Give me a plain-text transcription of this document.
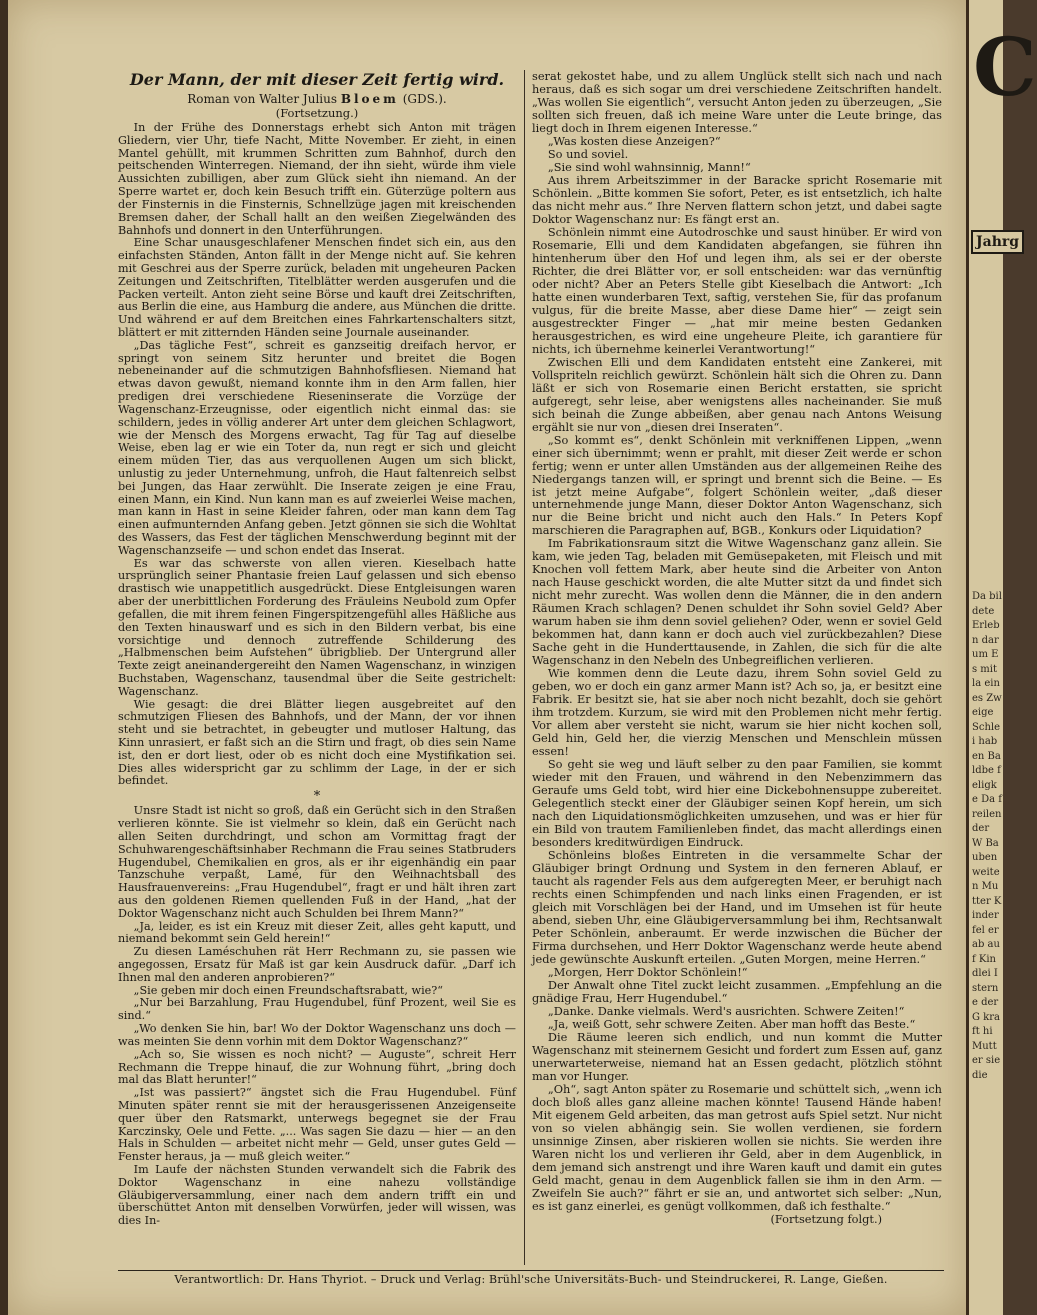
Der Mann, der mit dieser Zeit fertig wird.
Roman von Walter Julius Bloem (GDS.).
(Fortsetzung.)

In der Frühe des Donnerstags erhebt sich Anton mit trägen Gliedern, vier Uhr, tiefe Nacht, Mitte November. Er zieht, in einen Mantel gehüllt, mit krummen Schritten zum Bahnhof, durch den peitschenden Winterregen. Niemand, der ihn sieht, würde ihm viele Aussichten zubilligen, aber zum Glück sieht ihn niemand. An der Sperre wartet er, doch kein Besuch trifft ein. Güterzüge poltern aus der Finsternis in die Finsternis, Schnellzüge jagen mit kreischenden Bremsen daher, der Schall hallt an den weißen Ziegelwänden des Bahnhofs und donnert in den Unterführungen.

Eine Schar unausgeschlafener Menschen findet sich ein, aus den einfachsten Ständen, Anton fällt in der Menge nicht auf. Sie kehren mit Geschrei aus der Sperre zurück, beladen mit ungeheuren Packen Zeitungen und Zeitschriften, Titelblätter werden ausgerufen und die Packen verteilt. Anton zieht seine Börse und kauft drei Zeitschriften, aus Berlin die eine, aus Hamburg die andere, aus München die dritte. Und während er auf dem Breitchen eines Fahrkartenschalters sitzt, blättert er mit zitternden Händen seine Journale auseinander.

„Das tägliche Fest“, schreit es ganzseitig dreifach hervor, er springt von seinem Sitz herunter und breitet die Bogen nebeneinander auf die schmutzigen Bahnhofsfliesen. Niemand hat etwas davon gewußt, niemand konnte ihm in den Arm fallen, hier predigen drei verschiedene Rieseninserate die Vorzüge der Wagenschanz-Erzeugnisse, oder eigentlich nicht einmal das: sie schildern, jedes in völlig anderer Art unter dem gleichen Schlagwort, wie der Mensch des Morgens erwacht, Tag für Tag auf dieselbe Weise, eben lag er wie ein Toter da, nun regt er sich und gleicht einem müden Tier, das aus verquollenen Augen um sich blickt, unlustig zu jeder Unternehmung, unfroh, die Haut faltenreich selbst bei Jungen, das Haar zerwühlt. Die Inserate zeigen je eine Frau, einen Mann, ein Kind. Nun kann man es auf zweierlei Weise machen, man kann in Hast in seine Kleider fahren, oder man kann dem Tag einen aufmunternden Anfang geben. Jetzt gönnen sie sich die Wohltat des Wassers, das Fest der täglichen Menschwerdung beginnt mit der Wagenschanzseife — und schon endet das Inserat.

Es war das schwerste von allen vieren. Kieselbach hatte ursprünglich seiner Phantasie freien Lauf gelassen und sich ebenso drastisch wie unappetitlich ausgedrückt. Diese Entgleisungen waren aber der unerbittlichen Forderung des Fräuleins Neubold zum Opfer gefallen, die mit ihrem feinen Fingerspitzengefühl alles Häßliche aus den Texten hinauswarf und es sich in den Bildern verbat, bis eine vorsichtige und dennoch zutreffende Schilderung des „Halbmenschen beim Aufstehen“ übrigblieb. Der Untergrund aller Texte zeigt aneinandergereiht den Namen Wagenschanz, in winzigen Buchstaben, Wagenschanz, tausendmal über die Seite gestrichelt: Wagenschanz.

Wie gesagt: die drei Blätter liegen ausgebreitet auf den schmutzigen Fliesen des Bahnhofs, und der Mann, der vor ihnen steht und sie betrachtet, in gebeugter und mutloser Haltung, das Kinn unrasiert, er faßt sich an die Stirn und fragt, ob dies sein Name ist, den er dort liest, oder ob es nicht doch eine Mystifikation sei. Dies alles widerspricht gar zu schlimm der Lage, in der er sich befindet.

*

Unsre Stadt ist nicht so groß, daß ein Gerücht sich in den Straßen verlieren könnte. Sie ist vielmehr so klein, daß ein Gerücht nach allen Seiten durchdringt, und schon am Vormittag fragt der Schuhwarengeschäftsinhaber Rechmann die Frau seines Statbruders Hugendubel, Chemikalien en gros, als er ihr eigenhändig ein paar Tanzschuhe verpaßt, Lamé, für den Weihnachtsball des Hausfrauenvereins: „Frau Hugendubel“, fragt er und hält ihren zart aus den goldenen Riemen quellenden Fuß in der Hand, „hat der Doktor Wagenschanz nicht auch Schulden bei Ihrem Mann?“

„Ja, leider, es ist ein Kreuz mit dieser Zeit, alles geht kaputt, und niemand bekommt sein Geld herein!“

Zu diesen Laméschuhen rät Herr Rechmann zu, sie passen wie angegossen, Ersatz für Maß ist gar kein Ausdruck dafür. „Darf ich Ihnen mal den anderen anprobieren?“

„Sie geben mir doch einen Freundschaftsrabatt, wie?“

„Nur bei Barzahlung, Frau Hugendubel, fünf Prozent, weil Sie es sind.“

„Wo denken Sie hin, bar! Wo der Doktor Wagenschanz uns doch — was meinten Sie denn vorhin mit dem Doktor Wagenschanz?“

„Ach so, Sie wissen es noch nicht? — Auguste“, schreit Herr Rechmann die Treppe hinauf, die zur Wohnung führt, „bring doch mal das Blatt herunter!“

„Ist was passiert?“ ängstet sich die Frau Hugendubel. Fünf Minuten später rennt sie mit der herausgerissenen Anzeigenseite quer über den Ratsmarkt, unterwegs begegnet sie der Frau Karczinsky, Oele und Fette. „... Was sagen Sie dazu — hier — an den Hals in Schulden — arbeitet nicht mehr — Geld, unser gutes Geld — Fenster heraus, ja — muß gleich weiter.“

Im Laufe der nächsten Stunden verwandelt sich die Fabrik des Doktor Wagenschanz in eine nahezu vollständige Gläubigerversammlung, einer nach dem andern trifft ein und überschüttet Anton mit denselben Vorwürfen, jeder will wissen, was dies In-

serat gekostet habe, und zu allem Unglück stellt sich nach und nach heraus, daß es sich sogar um drei verschiedene Zeitschriften handelt. „Was wollen Sie eigentlich“, versucht Anton jeden zu überzeugen, „Sie sollten sich freuen, daß ich meine Ware unter die Leute bringe, das liegt doch in Ihrem eigenen Interesse.“

„Was kosten diese Anzeigen?“

So und soviel.

„Sie sind wohl wahnsinnig, Mann!“

Aus ihrem Arbeitszimmer in der Baracke spricht Rosemarie mit Schönlein. „Bitte kommen Sie sofort, Peter, es ist entsetzlich, ich halte das nicht mehr aus.“ Ihre Nerven flattern schon jetzt, und dabei sagte Doktor Wagenschanz nur: Es fängt erst an.

Schönlein nimmt eine Autodroschke und saust hinüber. Er wird von Rosemarie, Elli und dem Kandidaten abgefangen, sie führen ihn hintenherum über den Hof und legen ihm, als sei er der oberste Richter, die drei Blätter vor, er soll entscheiden: war das vernünftig oder nicht? Aber an Peters Stelle gibt Kieselbach die Antwort: „Ich hatte einen wunderbaren Text, saftig, verstehen Sie, für das profanum vulgus, für die breite Masse, aber diese Dame hier“ — zeigt sein ausgestreckter Finger — „hat mir meine besten Gedanken herausgestrichen, es wird eine ungeheure Pleite, ich garantiere für nichts, ich übernehme keinerlei Verantwortung!“

Zwischen Elli und dem Kandidaten entsteht eine Zankerei, mit Vollspriteln reichlich gewürzt. Schönlein hält sich die Ohren zu. Dann läßt er sich von Rosemarie einen Bericht erstatten, sie spricht aufgeregt, sehr leise, aber wenigstens alles nacheinander. Sie muß sich beinah die Zunge abbeißen, aber genau nach Antons Weisung ergählt sie nur von „diesen drei Inseraten“.

„So kommt es“, denkt Schönlein mit verkniffenen Lippen, „wenn einer sich übernimmt; wenn er prahlt, mit dieser Zeit werde er schon fertig; wenn er unter allen Umständen aus der allgemeinen Reihe des Niedergangs tanzen will, er springt und brennt sich die Beine. — Es ist jetzt meine Aufgabe“, folgert Schönlein weiter, „daß dieser unternehmende junge Mann, dieser Doktor Anton Wagenschanz, sich nur die Beine bricht und nicht auch den Hals.“ In Peters Kopf marschieren die Paragraphen auf, BGB., Konkurs oder Liquidation?

Im Fabrikationsraum sitzt die Witwe Wagenschanz ganz allein. Sie kam, wie jeden Tag, beladen mit Gemüsepaketen, mit Fleisch und mit Knochen voll fettem Mark, aber heute sind die Arbeiter von Anton nach Hause geschickt worden, die alte Mutter sitzt da und findet sich nicht mehr zurecht. Was wollen denn die Männer, die in den andern Räumen Krach schlagen? Denen schuldet ihr Sohn soviel Geld? Aber warum haben sie ihm denn soviel geliehen? Oder, wenn er soviel Geld bekommen hat, dann kann er doch auch viel zurückbezahlen? Diese Sache geht in die Hunderttausende, in Zahlen, die sich für die alte Wagenschanz in den Nebeln des Unbegreiflichen verlieren.

Wie kommen denn die Leute dazu, ihrem Sohn soviel Geld zu geben, wo er doch ein ganz armer Mann ist? Ach so, ja, er besitzt eine Fabrik. Er besitzt sie, hat sie aber noch nicht bezahlt, doch sie gehört ihm trotzdem. Kurzum, sie wird mit den Problemen nicht mehr fertig. Vor allem aber versteht sie nicht, warum sie hier nicht kochen soll, Geld hin, Geld her, die vierzig Menschen und Menschlein müssen essen!

So geht sie weg und läuft selber zu den paar Familien, sie kommt wieder mit den Frauen, und während in den Nebenzimmern das Geraufe ums Geld tobt, wird hier eine Dickebohnensuppe zubereitet. Gelegentlich steckt einer der Gläubiger seinen Kopf herein, um sich nach den Liquidationsmöglichkeiten umzusehen, und was er hier für ein Bild von trautem Familienleben findet, das macht allerdings einen besonders kreditwürdigen Eindruck.

Schönleins bloßes Eintreten in die versammelte Schar der Gläubiger bringt Ordnung und System in den ferneren Ablauf, er taucht als ragender Fels aus dem aufgeregten Meer, er beruhigt nach rechts einen Schimpfenden und nach links einen Fragenden, er ist gleich mit Vorschlägen bei der Hand, und im Umsehen ist für heute abend, sieben Uhr, eine Gläubigerversammlung bei ihm, Rechtsanwalt Peter Schönlein, anberaumt. Er werde inzwischen die Bücher der Firma durchsehen, und Herr Doktor Wagenschanz werde heute abend jede gewünschte Auskunft erteilen. „Guten Morgen, meine Herren.“

„Morgen, Herr Doktor Schönlein!“

Der Anwalt ohne Titel zuckt leicht zusammen. „Empfehlung an die gnädige Frau, Herr Hugendubel.“

„Danke. Danke vielmals. Werd's ausrichten. Schwere Zeiten!“

„Ja, weiß Gott, sehr schwere Zeiten. Aber man hofft das Beste.“

Die Räume leeren sich endlich, und nun kommt die Mutter Wagenschanz mit steinernem Gesicht und fordert zum Essen auf, ganz unerwarteterweise, niemand hat an Essen gedacht, plötzlich stöhnt man vor Hunger.

„Oh“, sagt Anton später zu Rosemarie und schüttelt sich, „wenn ich doch bloß alles ganz alleine machen könnte! Tausend Hände haben! Mit eigenem Geld arbeiten, das man getrost aufs Spiel setzt. Nur nicht von so vielen abhängig sein. Sie wollen verdienen, sie fordern unsinnige Zinsen, aber riskieren wollen sie nichts. Sie werden ihre Waren nicht los und verlieren ihr Geld, aber in dem Augenblick, in dem jemand sich anstrengt und ihre Waren kauft und damit ein gutes Geld macht, genau in dem Augenblick fallen sie ihm in den Arm. — Zweifeln Sie auch?“ fährt er sie an, und antwortet sich selber: „Nun, es ist ganz einerlei, es genügt vollkommen, daß ich festhalte.“

(Fortsetzung folgt.)

Verantwortlich: Dr. Hans Thyriot. – Druck und Verlag: Brühl'sche Universitäts-Buch- und Steindruckerei, R. Lange, Gießen.
C
Jahrg
Da bildete Erlebn darum Es mit la eines Zweige Schlei haben Baldbe feligke Da freilen der W Bauben weiten Mutter Kinder fel er ab auf Kindlei I sterne der G kraft hi Mutter sie die
